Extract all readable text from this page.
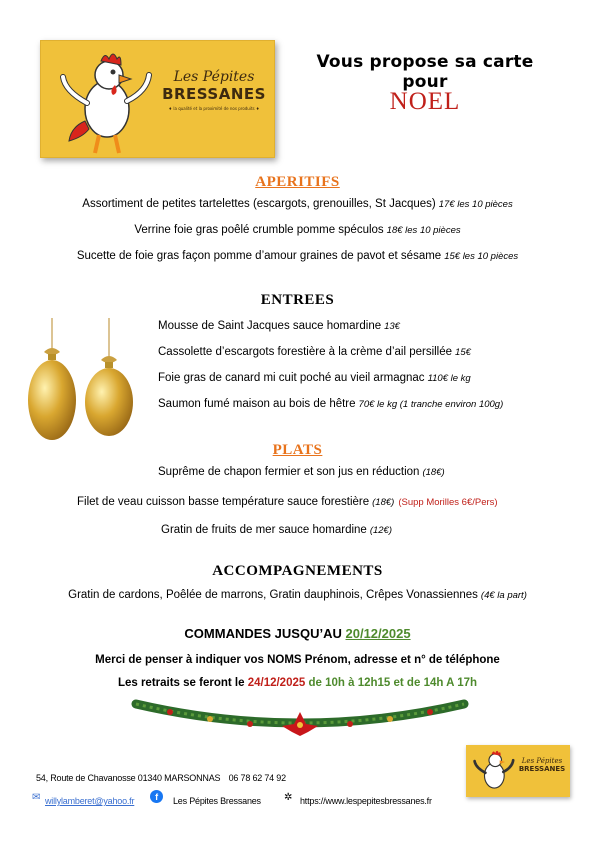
Les Pépites
BRESSANES
♦ la qualité et la proximité de nos produits ♦
Vous propose sa carte pour
NOEL
APERITIFS
Assortiment de petites tartelettes (escargots, grenouilles, St Jacques) 17€ les 10 pièces
Verrine foie gras poêlé crumble pomme spéculos 18€ les 10 pièces
Sucette de foie gras façon pomme d’amour graines de pavot et sésame 15€ les 10 pièces
ENTREES
Mousse de Saint Jacques sauce homardine 13€
Cassolette d’escargots forestière à la crème d’ail persillée 15€
Foie gras de canard mi cuit poché au vieil armagnac 110€ le kg
Saumon fumé maison au bois de hêtre 70€ le kg (1 tranche environ 100g)
PLATS
Suprême de chapon fermier et son jus en réduction (18€)
Filet de veau cuisson basse température sauce forestière (18€) (Supp Morilles 6€/Pers)
Gratin de fruits de mer sauce homardine (12€)
ACCOMPAGNEMENTS
Gratin de cardons, Poêlée de marrons, Gratin dauphinois, Crêpes Vonassiennes (4€ la part)
COMMANDES JUSQU’AU 20/12/2025
Merci de penser à indiquer vos NOMS Prénom, adresse et n° de téléphone
Les retraits se feront le 24/12/2025 de 10h à 12h15 et de 14h A 17h
Les Pépites
BRESSANES
54, Route de Chavanosse 01340 MARSONNAS 06 78 62 74 92
✉ willylamberet@yahoo.fr	f	Les Pépites Bressanes ✲ https://www.lespepitesbressanes.fr
